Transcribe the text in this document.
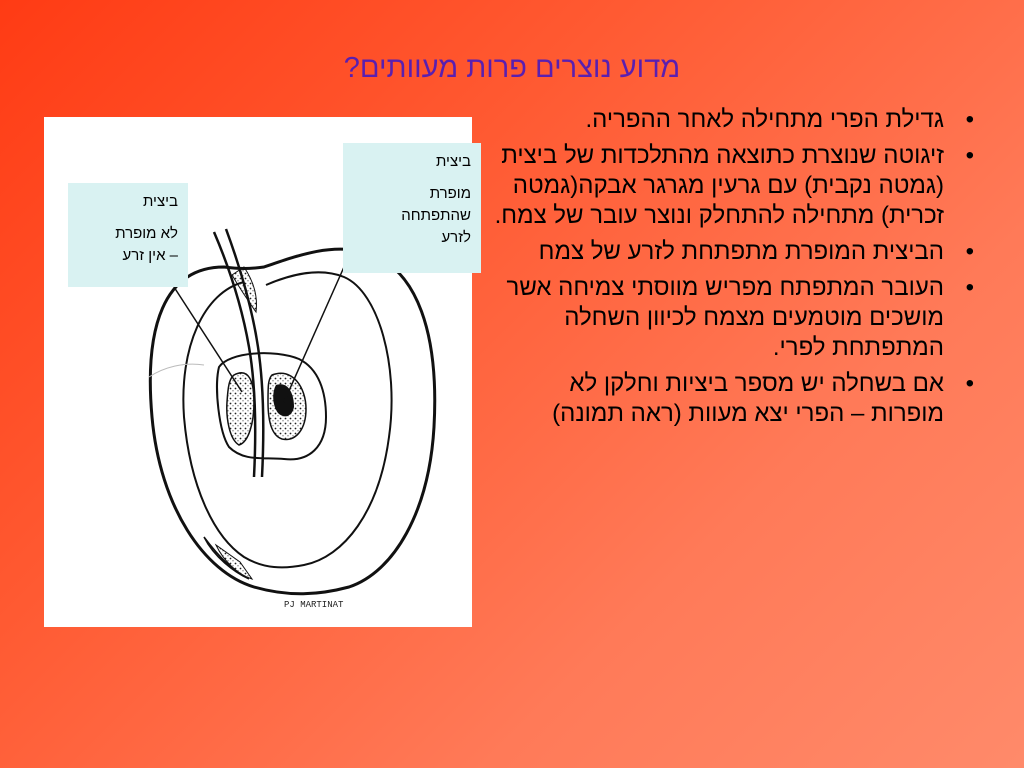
מדוע נוצרים פרות מעוותים?
• גדילת הפרי מתחילה לאחר ההפריה.
• זיגוטה שנוצרת כתוצאה מהתלכדות של ביצית (גמטה נקבית) עם גרעין מגרגר אבקה(גמטה זכרית) מתחילה להתחלק ונוצר עובר של צמח.
• הביצית המופרת מתפתחת לזרע של צמח
• העובר המתפתח מפריש מווסתי צמיחה אשר מושכים מוטמעים מצמח לכיוון השחלה המתפתחת לפרי.
• אם בשחלה יש מספר ביציות וחלקן לא מופרות – הפרי יצא מעוות (ראה תמונה)
PJ MARTINAT

ביצית

לא מופרת

– אין זרע

ביצית

מופרת

שהתפתחה

לזרע
